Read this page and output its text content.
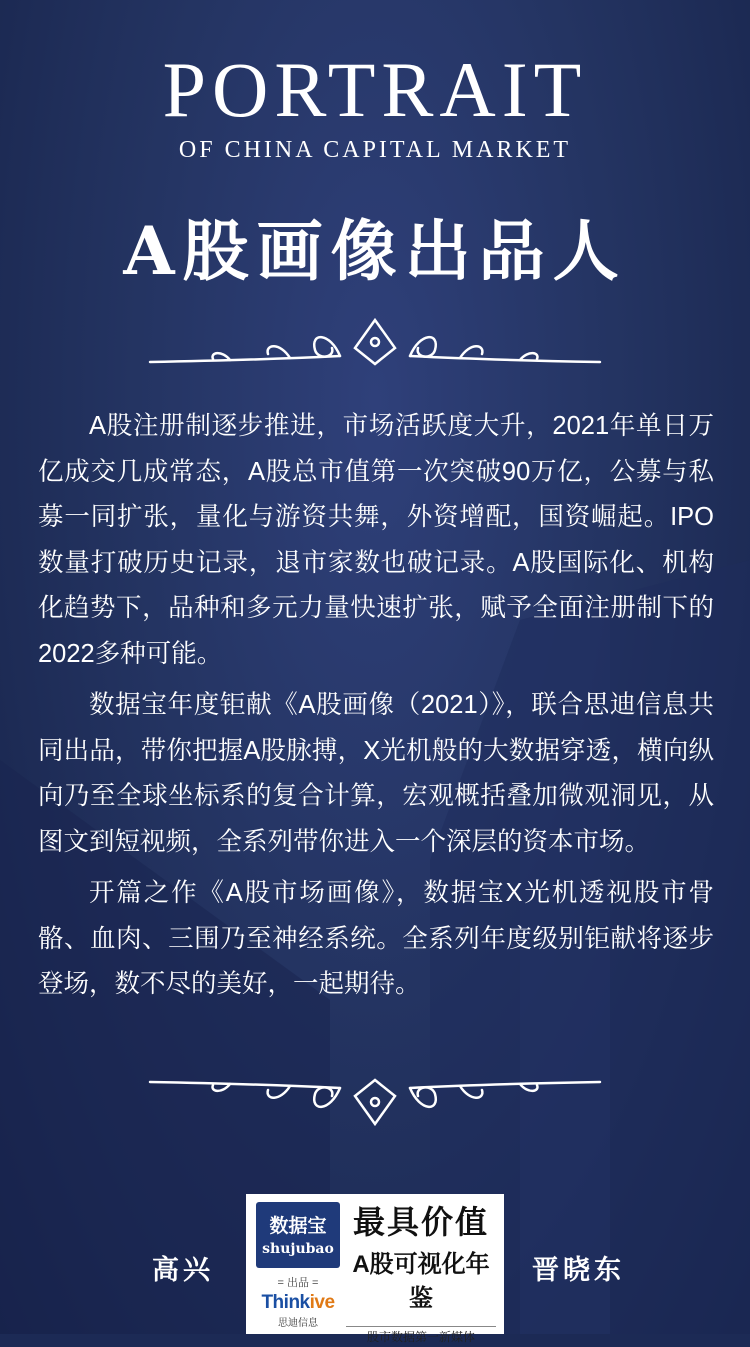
PORTRAIT
OF CHINA CAPITAL MARKET
A股画像出品人

A股注册制逐步推进，市场活跃度大升，2021年单日万亿成交几成常态，A股总市值第一次突破90万亿，公募与私募一同扩张，量化与游资共舞，外资增配，国资崛起。IPO数量打破历史记录，退市家数也破记录。A股国际化、机构化趋势下，品种和多元力量快速扩张，赋予全面注册制下的2022多种可能。

数据宝年度钜献《A股画像（2021）》，联合思迪信息共同出品，带你把握A股脉搏，X光机般的大数据穿透，横向纵向乃至全球坐标系的复合计算，宏观概括叠加微观洞见，从图文到短视频，全系列带你进入一个深层的资本市场。

开篇之作《A股市场画像》，数据宝X光机透视股市骨骼、血肉、三围乃至神经系统。全系列年度级别钜献将逐步登场，数不尽的美好，一起期待。

高兴	晋晓东
数据宝
shujubao
= 出品 =
Thinkive
思迪信息
最具价值
A股可视化年鉴
股市数据第一新媒体
